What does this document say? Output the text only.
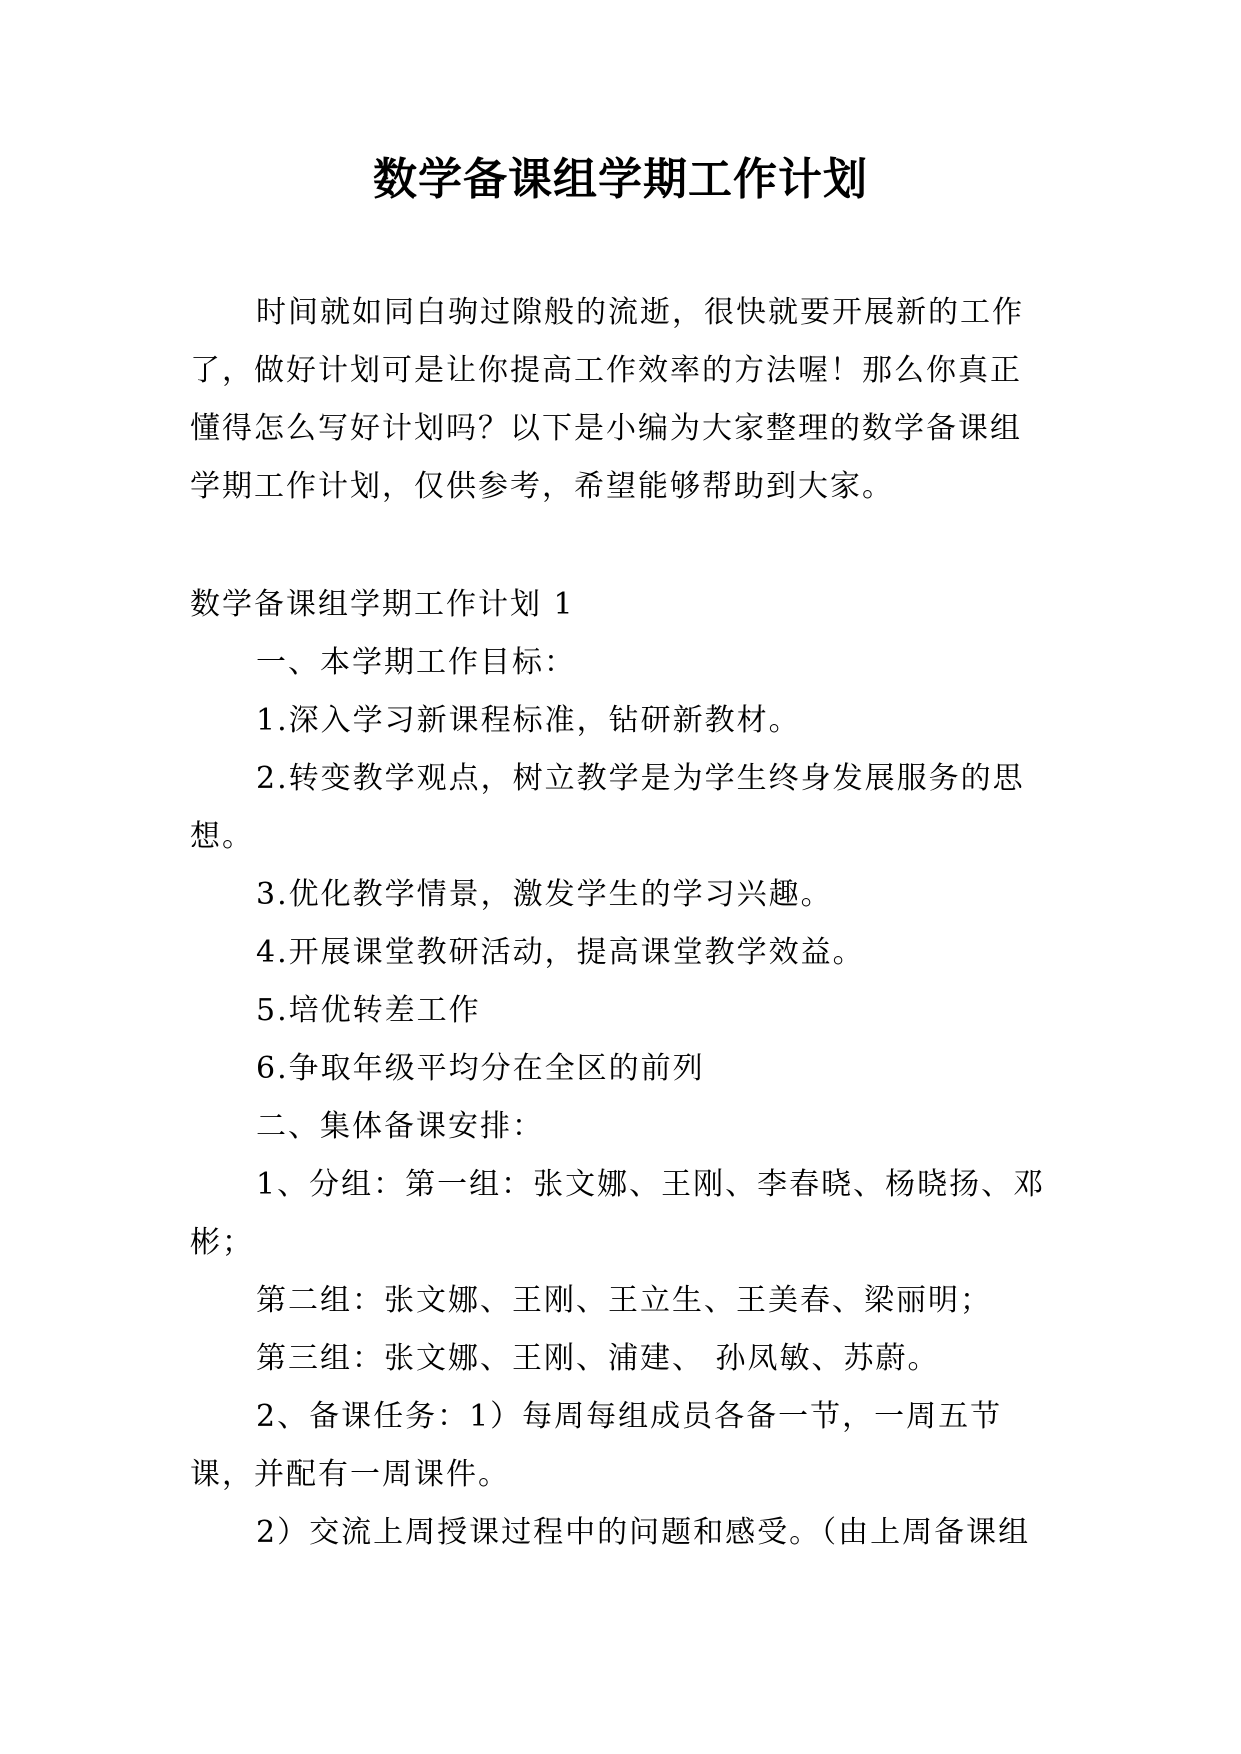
数学备课组学期工作计划

时间就如同白驹过隙般的流逝，很快就要开展新的工作了，做好计划可是让你提高工作效率的方法喔！那么你真正懂得怎么写好计划吗？以下是小编为大家整理的数学备课组学期工作计划，仅供参考，希望能够帮助到大家。

数学备课组学期工作计划 1

一、本学期工作目标：

1.深入学习新课程标准，钻研新教材。

2.转变教学观点，树立教学是为学生终身发展服务的思想。

3.优化教学情景，激发学生的学习兴趣。

4.开展课堂教研活动，提高课堂教学效益。

5.培优转差工作

6.争取年级平均分在全区的前列

二、集体备课安排：

1、分组：第一组：张文娜、王刚、李春晓、杨晓扬、邓彬；

第二组：张文娜、王刚、王立生、王美春、梁丽明；

第三组：张文娜、王刚、浦建、 孙凤敏、苏蔚。

2、备课任务：1）每周每组成员各备一节，一周五节课，并配有一周课件。

2）交流上周授课过程中的问题和感受。（由上周备课组
